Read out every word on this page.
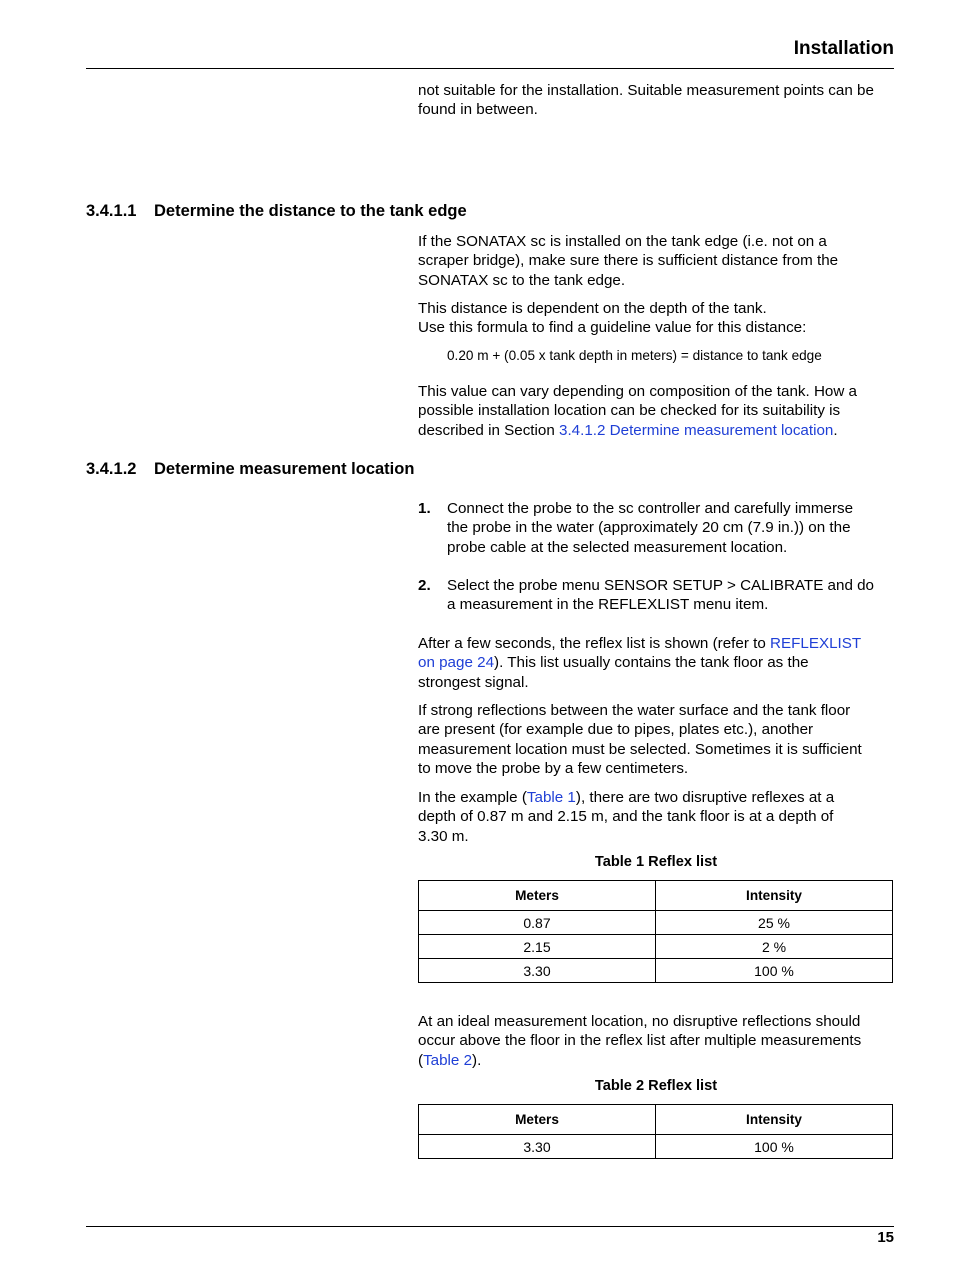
Installation

not suitable for the installation. Suitable measurement points can be
found in between.

3.4.1.1 Determine the distance to the tank edge

If the SONATAX sc is installed on the tank edge (i.e. not on a
scraper bridge), make sure there is sufficient distance from the
SONATAX sc to the tank edge.

This distance is dependent on the depth of the tank.
Use this formula to find a guideline value for this distance:

0.20 m + (0.05 x tank depth in meters) = distance to tank edge

This value can vary depending on composition of the tank. How a
possible installation location can be checked for its suitability is
described in Section 3.4.1.2 Determine measurement location.

3.4.1.2 Determine measurement location
1. Connect the probe to the sc controller and carefully immerse
the probe in the water (approximately 20 cm (7.9 in.)) on the
probe cable at the selected measurement location.
2. Select the probe menu SENSOR SETUP > CALIBRATE and do
a measurement in the REFLEXLIST menu item.

After a few seconds, the reflex list is shown (refer to REFLEXLIST
on page 24). This list usually contains the tank floor as the
strongest signal.

If strong reflections between the water surface and the tank floor
are present (for example due to pipes, plates etc.), another
measurement location must be selected. Sometimes it is sufficient
to move the probe by a few centimeters.

In the example (Table 1), there are two disruptive reflexes at a
depth of 0.87 m and 2.15 m, and the tank floor is at a depth of
3.30 m.

Table 1 Reflex list
Meters	Intensity
0.87	25 %
2.15	2 %
3.30	100 %

At an ideal measurement location, no disruptive reflections should
occur above the floor in the reflex list after multiple measurements
(Table 2).

Table 2 Reflex list
Meters	Intensity
3.30	100 %
15
